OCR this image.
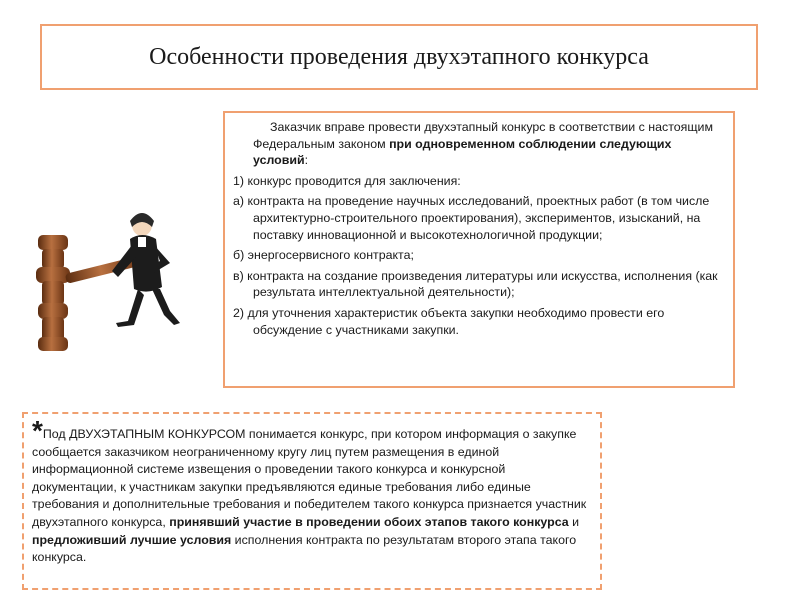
Особенности проведения двухэтапного конкурса

Заказчик вправе провести двухэтапный конкурс в соответствии с настоящим Федеральным законом при одновременном соблюдении следующих условий:

1) конкурс проводится для заключения:

а) контракта на проведение научных исследований, проектных работ (в том числе архитектурно-строительного проектирования), экспериментов, изысканий, на поставку инновационной и высокотехнологичной продукции;

б) энергосервисного контракта;

в) контракта на создание произведения литературы или искусства, исполнения (как результата интеллектуальной деятельности);

2) для уточнения характеристик объекта закупки необходимо провести его обсуждение с участниками закупки.

*Под ДВУХЭТАПНЫМ КОНКУРСОМ понимается конкурс, при котором информация о закупке сообщается заказчиком неограниченному кругу лиц путем размещения в единой информационной системе извещения о проведении такого конкурса и конкурсной документации, к участникам закупки предъявляются единые требования либо единые требования и дополнительные требования и победителем такого конкурса признается участник двухэтапного конкурса, принявший участие в проведении обоих этапов такого конкурса и предложивший лучшие условия исполнения контракта по результатам второго этапа такого конкурса.
